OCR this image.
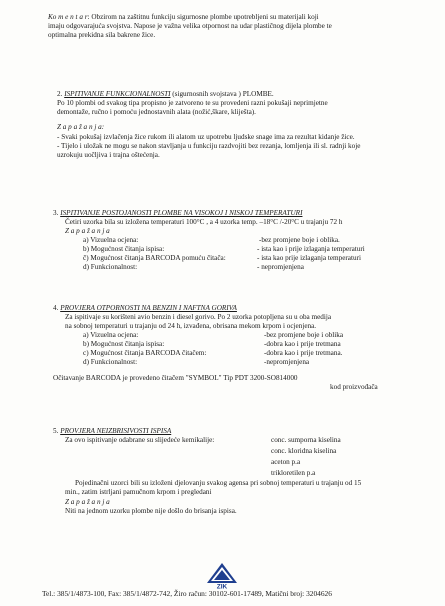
Ko m e n t a r: Obzirom na zaštitnu funkciju sigurnosne plombe upotrebljeni su materijali koji
imaju odgovarajuća svojstva. Napose je važna velika otpornost na udar plastičnog dijela plombe te
optimalna prekidna sila bakrene žice.
2. ISPITIVANJE FUNKCIONALNOSTI (sigurnosnih svojstava ) PLOMBE.
Po 10 plombi od svakog tipa propisno je zatvoreno te su provedeni razni pokušaji neprimjetne
demontaže, ručno i pomoću jednostavnih alata (nožić,škare, kliješta).
Z a p a ž a n j a:
- Svaki pokušaj izvlačenja žice rukom ili alatom uz upotrebu ljudske snage ima za rezultat kidanje žice.
- Tijelo i uložak ne mogu se nakon stavljanja u funkciju razdvojiti bez rezanja, lomljenja ili sl. radnji koje
uzrokuju uočljiva i trajna oštećenja.
3. ISPITIVANJE POSTOJANOSTI PLOMBE NA VISOKOJ I NISKOJ TEMPERATURI
Četiri uzorka bila su izložena temperaturi 100°C , a 4 uzorka temp. –18°C /-20°C u trajanju 72 h
Z a p a ž a n j a
a) Vizuelna ocjena:	-bez promjene boje i oblika.
b) Mogućnost čitanja ispisa:	- ista kao i prije izlaganja temperaturi
č) Mogućnost čitanja BARCODA pomuću čitača:	- ista kao prije izlaganja temperaturi
d) Funkcionalnost:	- nepromjenjena
4. PROVJERA OTPORNOSTI NA BENZIN I NAFTNA GORIVA
Za ispitivaje su korišteni avio benzin i diesel gorivo. Po 2 uzorka potopljena su u oba medija
na sobnoj temperaturi u trajanju od 24 h, izvađena, obrisana mekom krpom i ocjenjena.
a) Vizuelna ocjena:	-bez promjene boje i oblika
b) Mogućnost čitanja ispisa:	-dobra kao i prije tretmana
c) Mogućnost čitanja BARCODA čitačem:	-dobra kao i prije tretmana.
d) Funkcionalnost:	-nepromjenjena
Očitavanje BARCODA je provedeno čitačem "SYMBOL" Tip PDT 3200-SO814000
kod proizvođača
5. PROVJERA NEIZBRISIVOSTI ISPISA
Za ovo ispitivanje odabrane su slijedeće kemikalije:	conc. sumporna kiselina
conc. kloridna kiselina
aceton p.a
trikloretilen p.a
Pojedinačni uzorci bili su izloženi djelovanju svakog agensa pri sobnoj temperaturi u trajanju od 15
min., zatim istrljani pamučnom krpom i pregledani
Z a p a ž a n j a
Niti na jednom uzorku plombe nije došlo do brisanja ispisa.
ZIK
Tel.: 385/1/4873-100, Fax: 385/1/4872-742, Žiro račun: 30102-601-17489, Matični broj: 3204626
